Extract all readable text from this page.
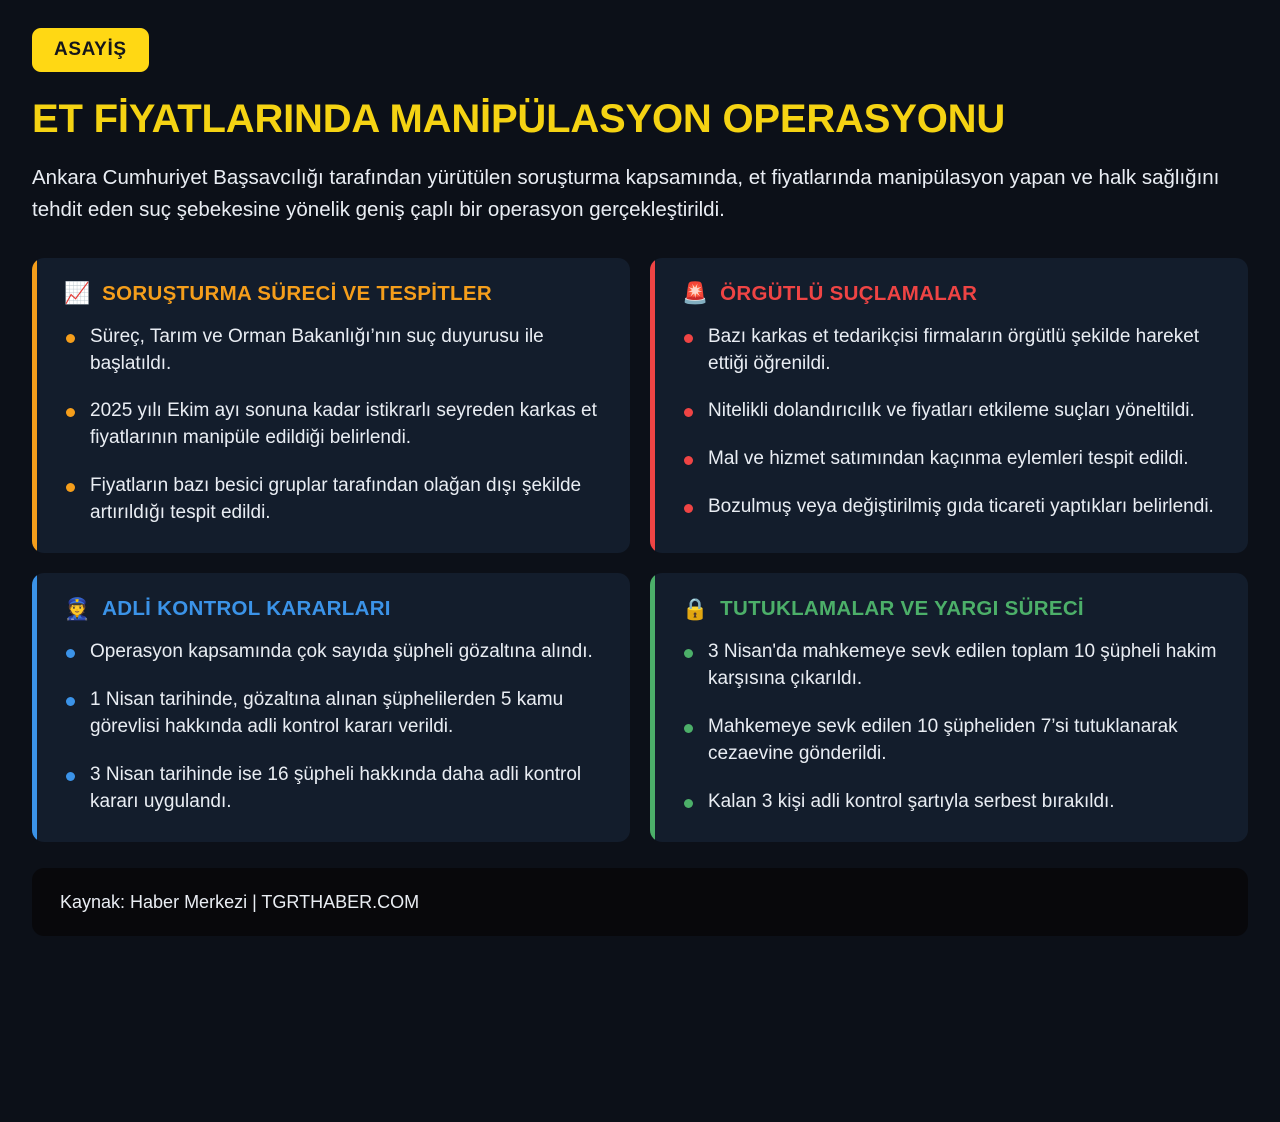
ASAYİŞ
ET FİYATLARINDA MANİPÜLASYON OPERASYONU

Ankara Cumhuriyet Başsavcılığı tarafından yürütülen soruşturma kapsamında, et fiyatlarında manipülasyon yapan ve halk sağlığını tehdit eden suç şebekesine yönelik geniş çaplı bir operasyon gerçekleştirildi.

📈 SORUŞTURMA SÜRECİ VE TESPİTLER
Süreç, Tarım ve Orman Bakanlığı’nın suç duyurusu ile başlatıldı.
2025 yılı Ekim ayı sonuna kadar istikrarlı seyreden karkas et fiyatlarının manipüle edildiği belirlendi.
Fiyatların bazı besici gruplar tarafından olağan dışı şekilde artırıldığı tespit edildi.
🚨 ÖRGÜTLÜ SUÇLAMALAR
Bazı karkas et tedarikçisi firmaların örgütlü şekilde hareket ettiği öğrenildi.
Nitelikli dolandırıcılık ve fiyatları etkileme suçları yöneltildi.
Mal ve hizmet satımından kaçınma eylemleri tespit edildi.
Bozulmuş veya değiştirilmiş gıda ticareti yaptıkları belirlendi.
👮 ADLİ KONTROL KARARLARI
Operasyon kapsamında çok sayıda şüpheli gözaltına alındı.
1 Nisan tarihinde, gözaltına alınan şüphelilerden 5 kamu görevlisi hakkında adli kontrol kararı verildi.
3 Nisan tarihinde ise 16 şüpheli hakkında daha adli kontrol kararı uygulandı.
🔒 TUTUKLAMALAR VE YARGI SÜRECİ
3 Nisan'da mahkemeye sevk edilen toplam 10 şüpheli hakim karşısına çıkarıldı.
Mahkemeye sevk edilen 10 şüpheliden 7’si tutuklanarak cezaevine gönderildi.
Kalan 3 kişi adli kontrol şartıyla serbest bırakıldı.
Kaynak: Haber Merkezi | TGRTHABER.COM
